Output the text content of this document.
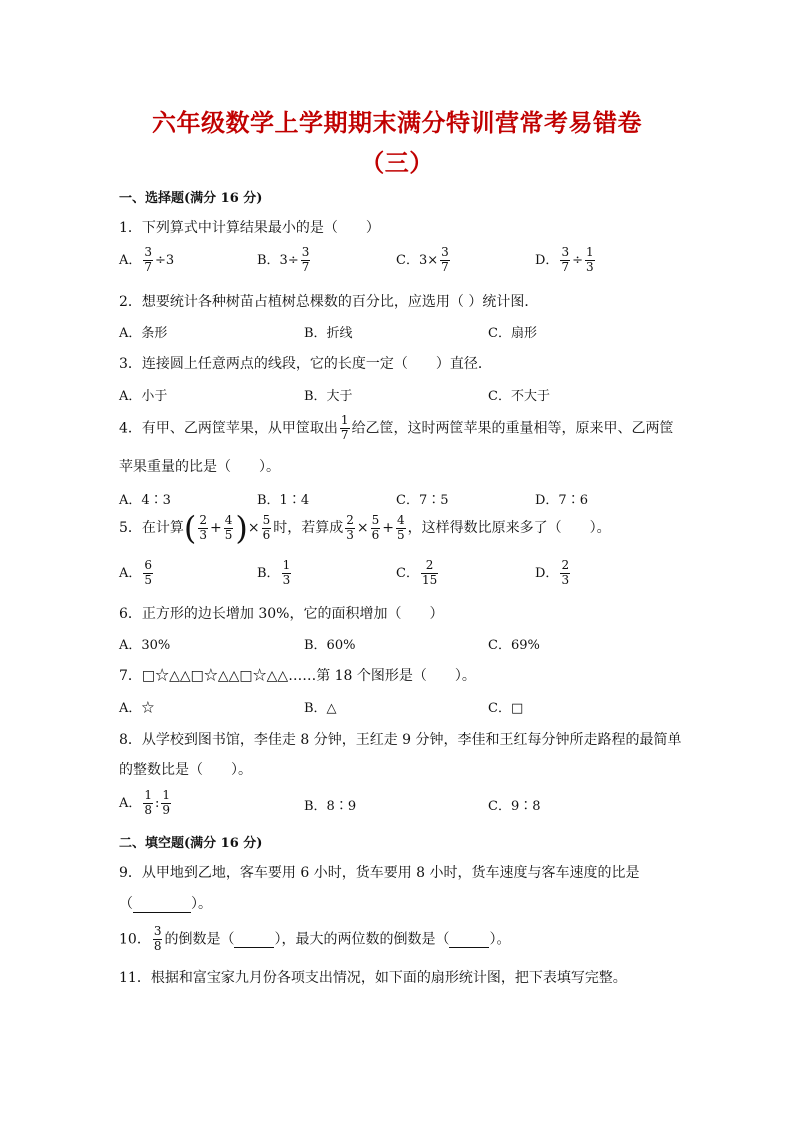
六年级数学上学期期末满分特训营常考易错卷
（三）
一、选择题(满分 16 分)
1．下列算式中计算结果最小的是（　　）
A． $\frac{3}{7} \div 3$	B．$3\div \frac{3}{7}$	C．$3\times \frac{3}{7}$	D． $\frac{3}{7} \div \frac{1}{3}$
2．想要统计各种树苗占植树总棵数的百分比，应选用（ ）统计图．
A．条形	B．折线	C．扇形
3．连接圆上任意两点的线段，它的长度一定（　　）直径．
A．小于	B．大于	C．不大于
4．有甲、乙两筐苹果，从甲筐取出 $\frac{1}{7}$ 给乙筐，这时两筐苹果的重量相等，原来甲、乙两筐
苹果重量的比是（　　）。
A．4∶3	B．1∶4	C．7∶5	D．7∶6
5．在计算( $\frac{2}{3} + \frac{4}{5}$ )× $\frac{5}{6}$ 时，若算成 $\frac{2}{3} \times \frac{5}{6} + \frac{4}{5}$ ，这样得数比原来多了（　　）。
A． $\frac{6}{5}$	B． $\frac{1}{3}$	C． $\frac{2}{15}$	D． $\frac{2}{3}$
6．正方形的边长增加 30%，它的面积增加（　　）
A．30%	B．60%	C．69%
7．□☆△△□☆△△□☆△△……第 18 个图形是（　　）。
A．☆	B．△	C．□
8．从学校到图书馆，李佳走 8 分钟，王红走 9 分钟，李佳和王红每分钟所走路程的最简单
的整数比是（　　）。
A． $\frac{1}{8}$ : $\frac{1}{9}$	B．8∶9	C．9∶8
二、填空题(满分 16 分)
9．从甲地到乙地，客车要用 6 小时，货车要用 8 小时，货车速度与客车速度的比是
（	）。
10． $\frac{3}{8}$ 的倒数是（	），最大的两位数的倒数是（	）。
11．根据和富宝家九月份各项支出情况，如下面的扇形统计图，把下表填写完整。
